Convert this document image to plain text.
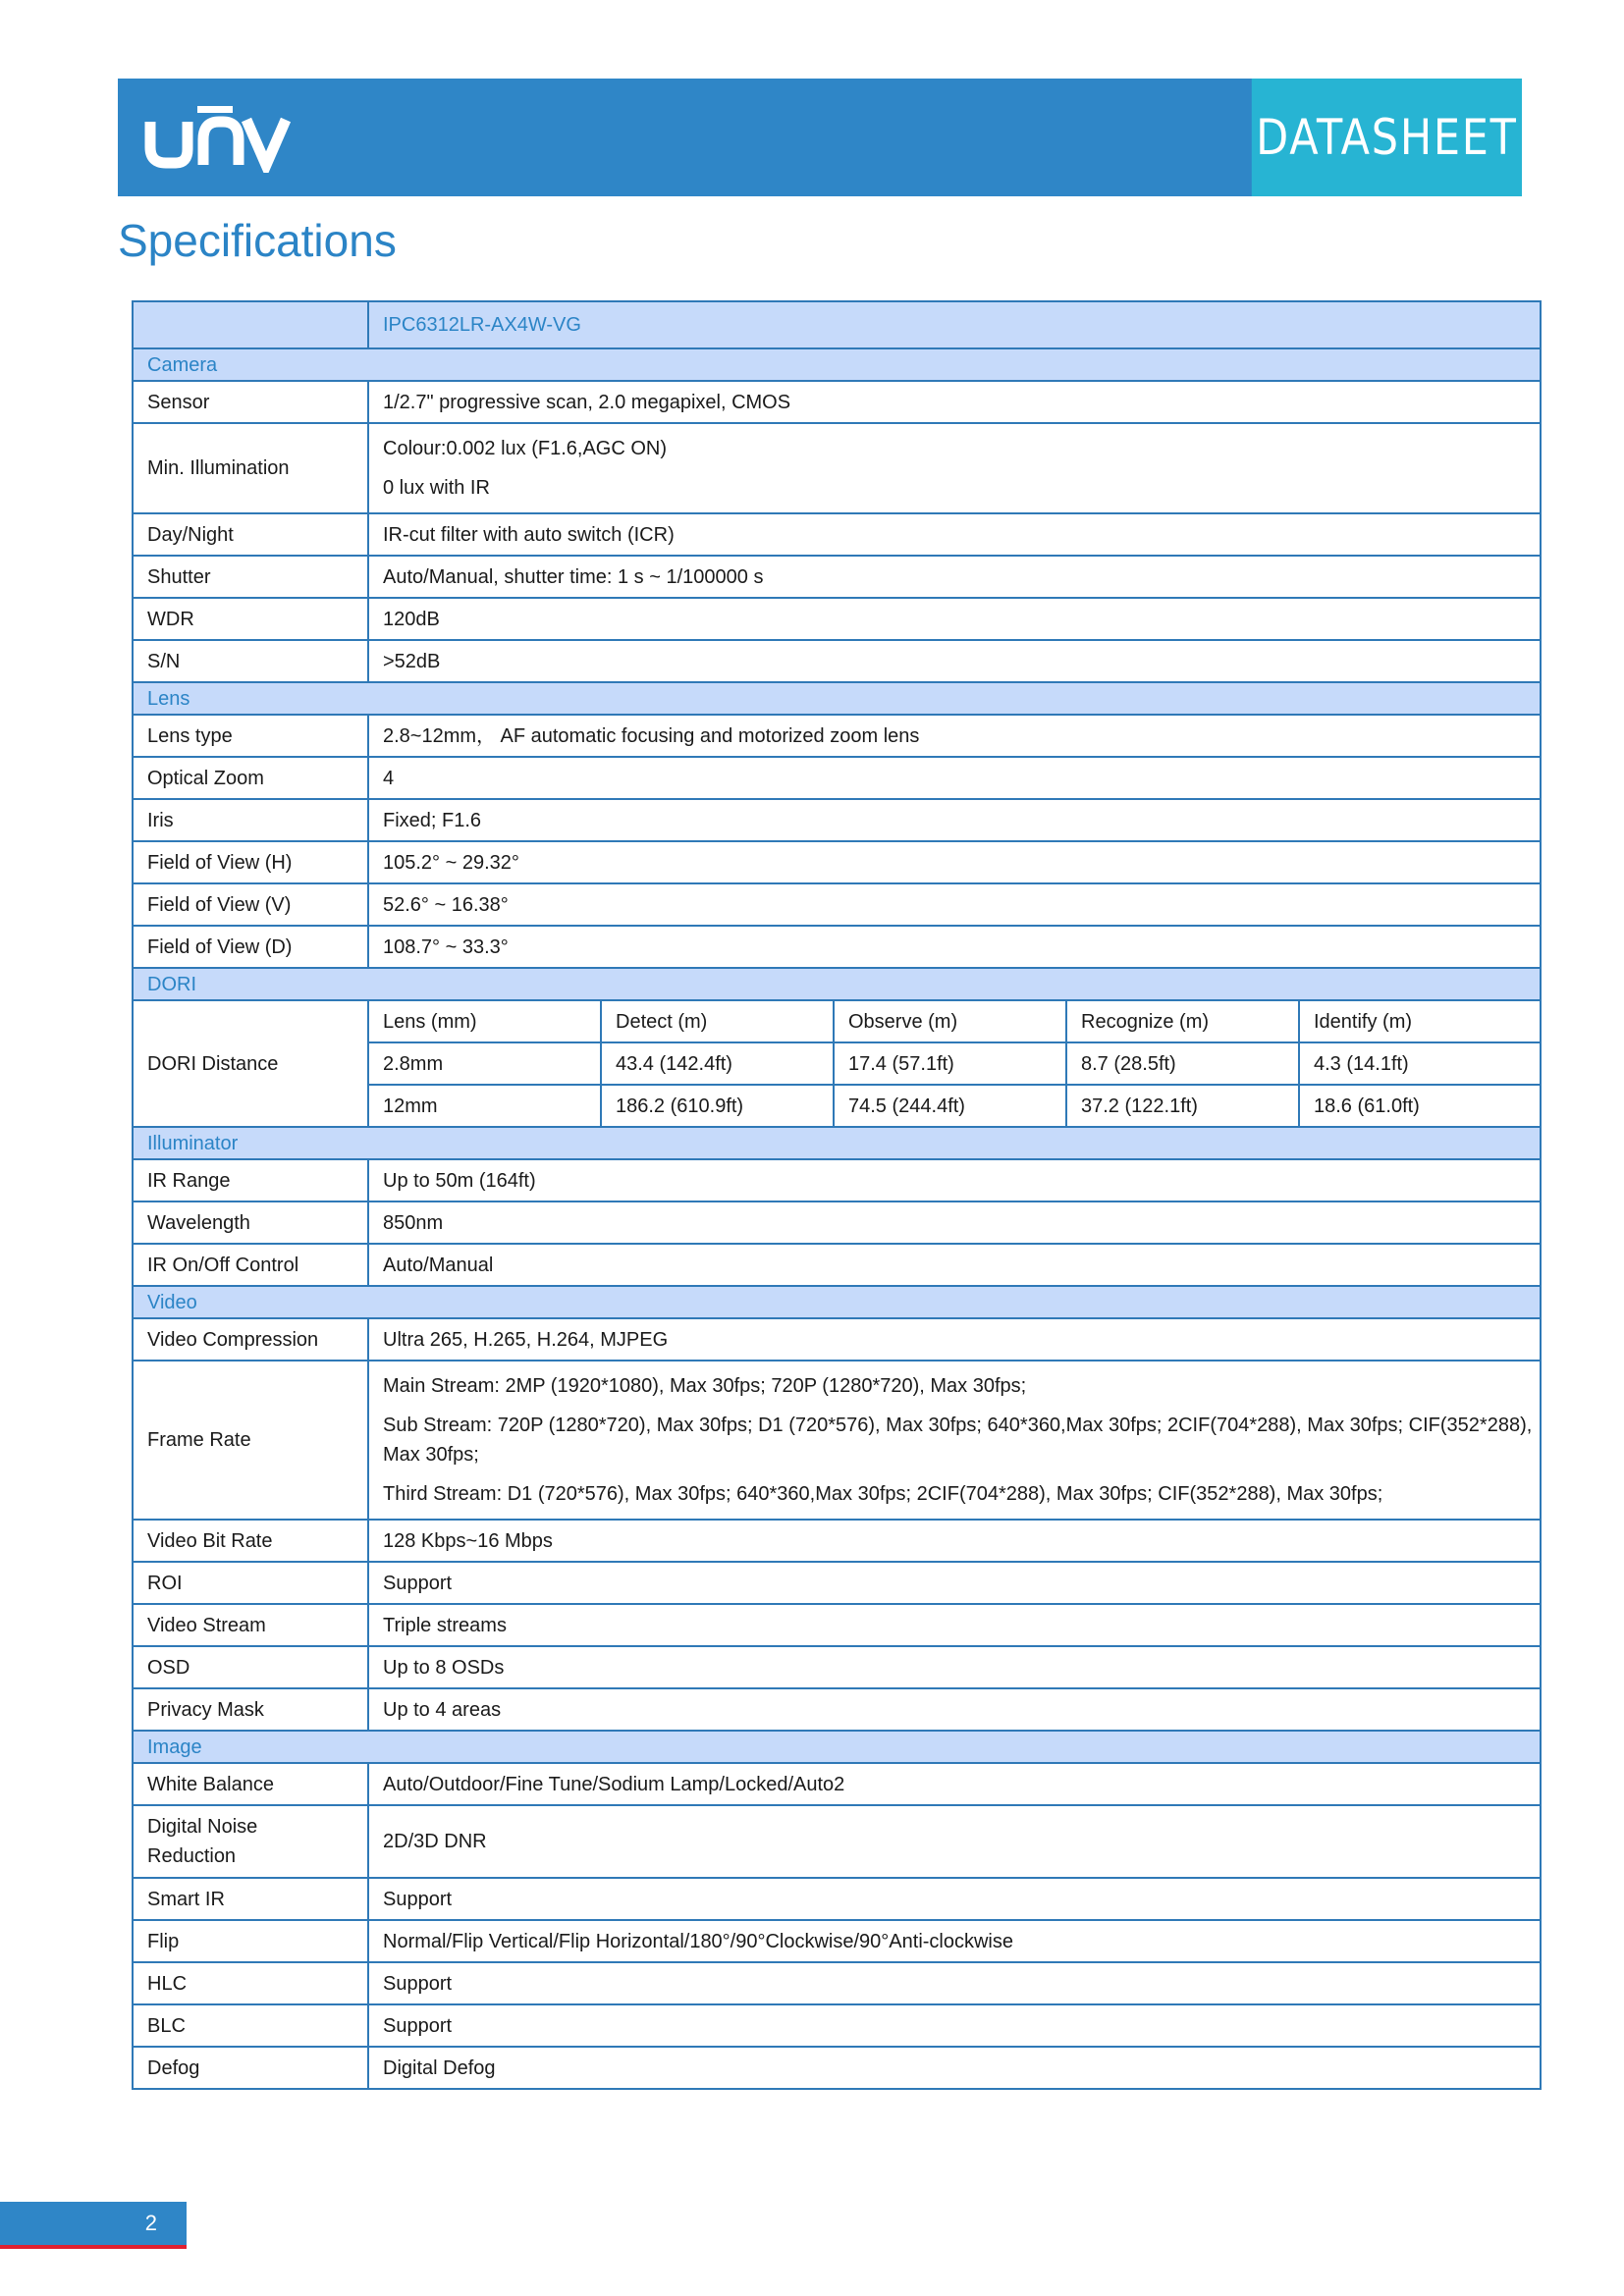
DATASHEET
Specifications
	IPC6312LR-AX4W-VG				
Camera					
Sensor	1/2.7" progressive scan, 2.0 megapixel, CMOS				
Min. Illumination	Colour:0.002 lux (F1.6,AGC ON)
0 lux with IR				

Day/Night	IR-cut filter with auto switch (ICR)				
Shutter	Auto/Manual, shutter time: 1 s ~ 1/100000 s				
WDR	120dB				
S/N	>52dB				
Lens					
Lens type	2.8~12mm， AF automatic focusing and motorized zoom lens				
Optical Zoom	4				
Iris	Fixed; F1.6				
Field of View (H)	105.2° ~ 29.32°				
Field of View (V)	52.6° ~ 16.38°				
Field of View (D)	108.7° ~ 33.3°				
DORI					
DORI Distance	Lens (mm)	Detect (m)	Observe (m)	Recognize (m)	Identify (m)
	2.8mm	43.4 (142.4ft)	17.4 (57.1ft)	8.7 (28.5ft)	4.3 (14.1ft)
	12mm	186.2 (610.9ft)	74.5 (244.4ft)	37.2 (122.1ft)	18.6 (61.0ft)
Illuminator					
IR Range	Up to 50m (164ft)				
Wavelength	850nm				
IR On/Off Control	Auto/Manual				
Video					
Video Compression	Ultra 265, H.265, H.264, MJPEG				
Frame Rate	Main Stream: 2MP (1920*1080), Max 30fps; 720P (1280*720), Max 30fps;
Sub Stream: 720P (1280*720), Max 30fps; D1 (720*576), Max 30fps; 640*360,Max 30fps; 2CIF(704*288), Max 30fps; CIF(352*288), Max 30fps;
Third Stream: D1 (720*576), Max 30fps; 640*360,Max 30fps; 2CIF(704*288), Max 30fps; CIF(352*288), Max 30fps;				

Video Bit Rate	128 Kbps~16 Mbps				
ROI	Support				
Video Stream	Triple streams				
OSD	Up to 8 OSDs				
Privacy Mask	Up to 4 areas				
Image					
White Balance	Auto/Outdoor/Fine Tune/Sodium Lamp/Locked/Auto2				
Digital Noise Reduction	2D/3D DNR				
Smart IR	Support				
Flip	Normal/Flip Vertical/Flip Horizontal/180°/90°Clockwise/90°Anti-clockwise				
HLC	Support				
BLC	Support				
Defog	Digital Defog				
2
